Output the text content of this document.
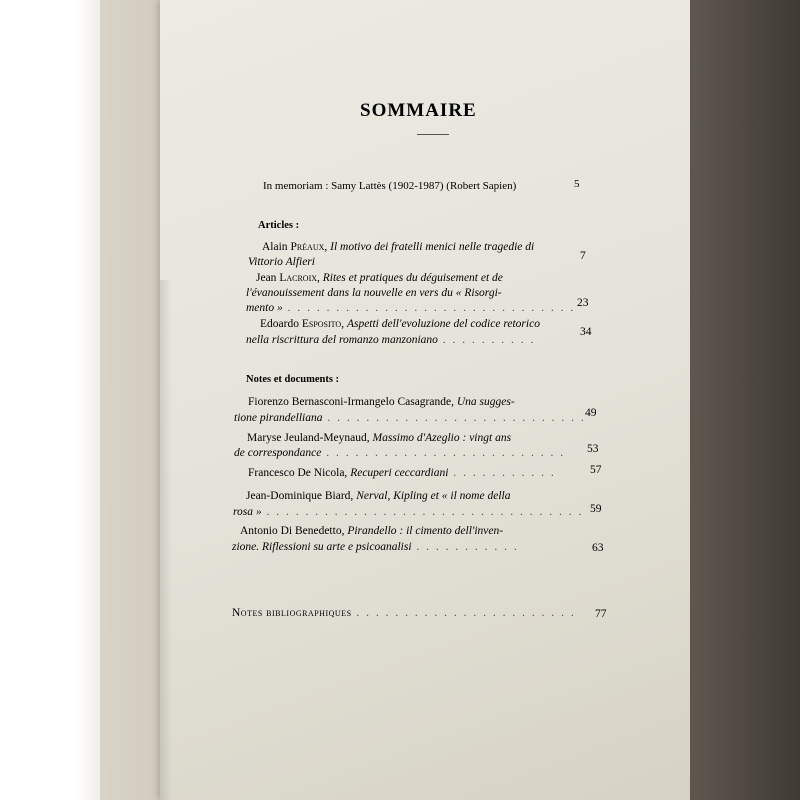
SOMMAIRE
In memoriam : Samy Lattès (1902-1987) (Robert Sapien)	5
Articles :
Alain Préaux, Il motivo dei fratelli menici nelle tragedie di
Vittorio Alfieri	7
Jean Lacroix, Rites et pratiques du déguisement et de
l'évanouissement dans la nouvelle en vers du « Risorgi-
mento » . . . . . . . . . . . . . . . . . . . . . . . . . . . . . . 23
Edoardo Esposito, Aspetti dell'evoluzione del codice retorico
nella riscrittura del romanzo manzoniano . . . . . . . . . .
34
Notes et documents :
Fiorenzo Bernasconi-Irmangelo Casagrande, Una sugges-
tione pirandelliana . . . . . . . . . . . . . . . . . . . . . . . . . . . 49
Maryse Jeuland-Meynaud, Massimo d'Azeglio : vingt ans
de correspondance . . . . . . . . . . . . . . . . . . . . . . . . . 53
Francesco De Nicola, Recuperi ceccardiani . . . . . . . . . . .	57
Jean-Dominique Biard, Nerval, Kipling et « il nome della
rosa » . . . . . . . . . . . . . . . . . . . . . . . . . . . . . . . . . 59
Antonio Di Benedetto, Pirandello : il cimento dell'inven-
zione. Riflessioni su arte e psicoanalisi . . . . . . . . . . .	63
Notes bibliographiques . . . . . . . . . . . . . . . . . . . . . . . 77
